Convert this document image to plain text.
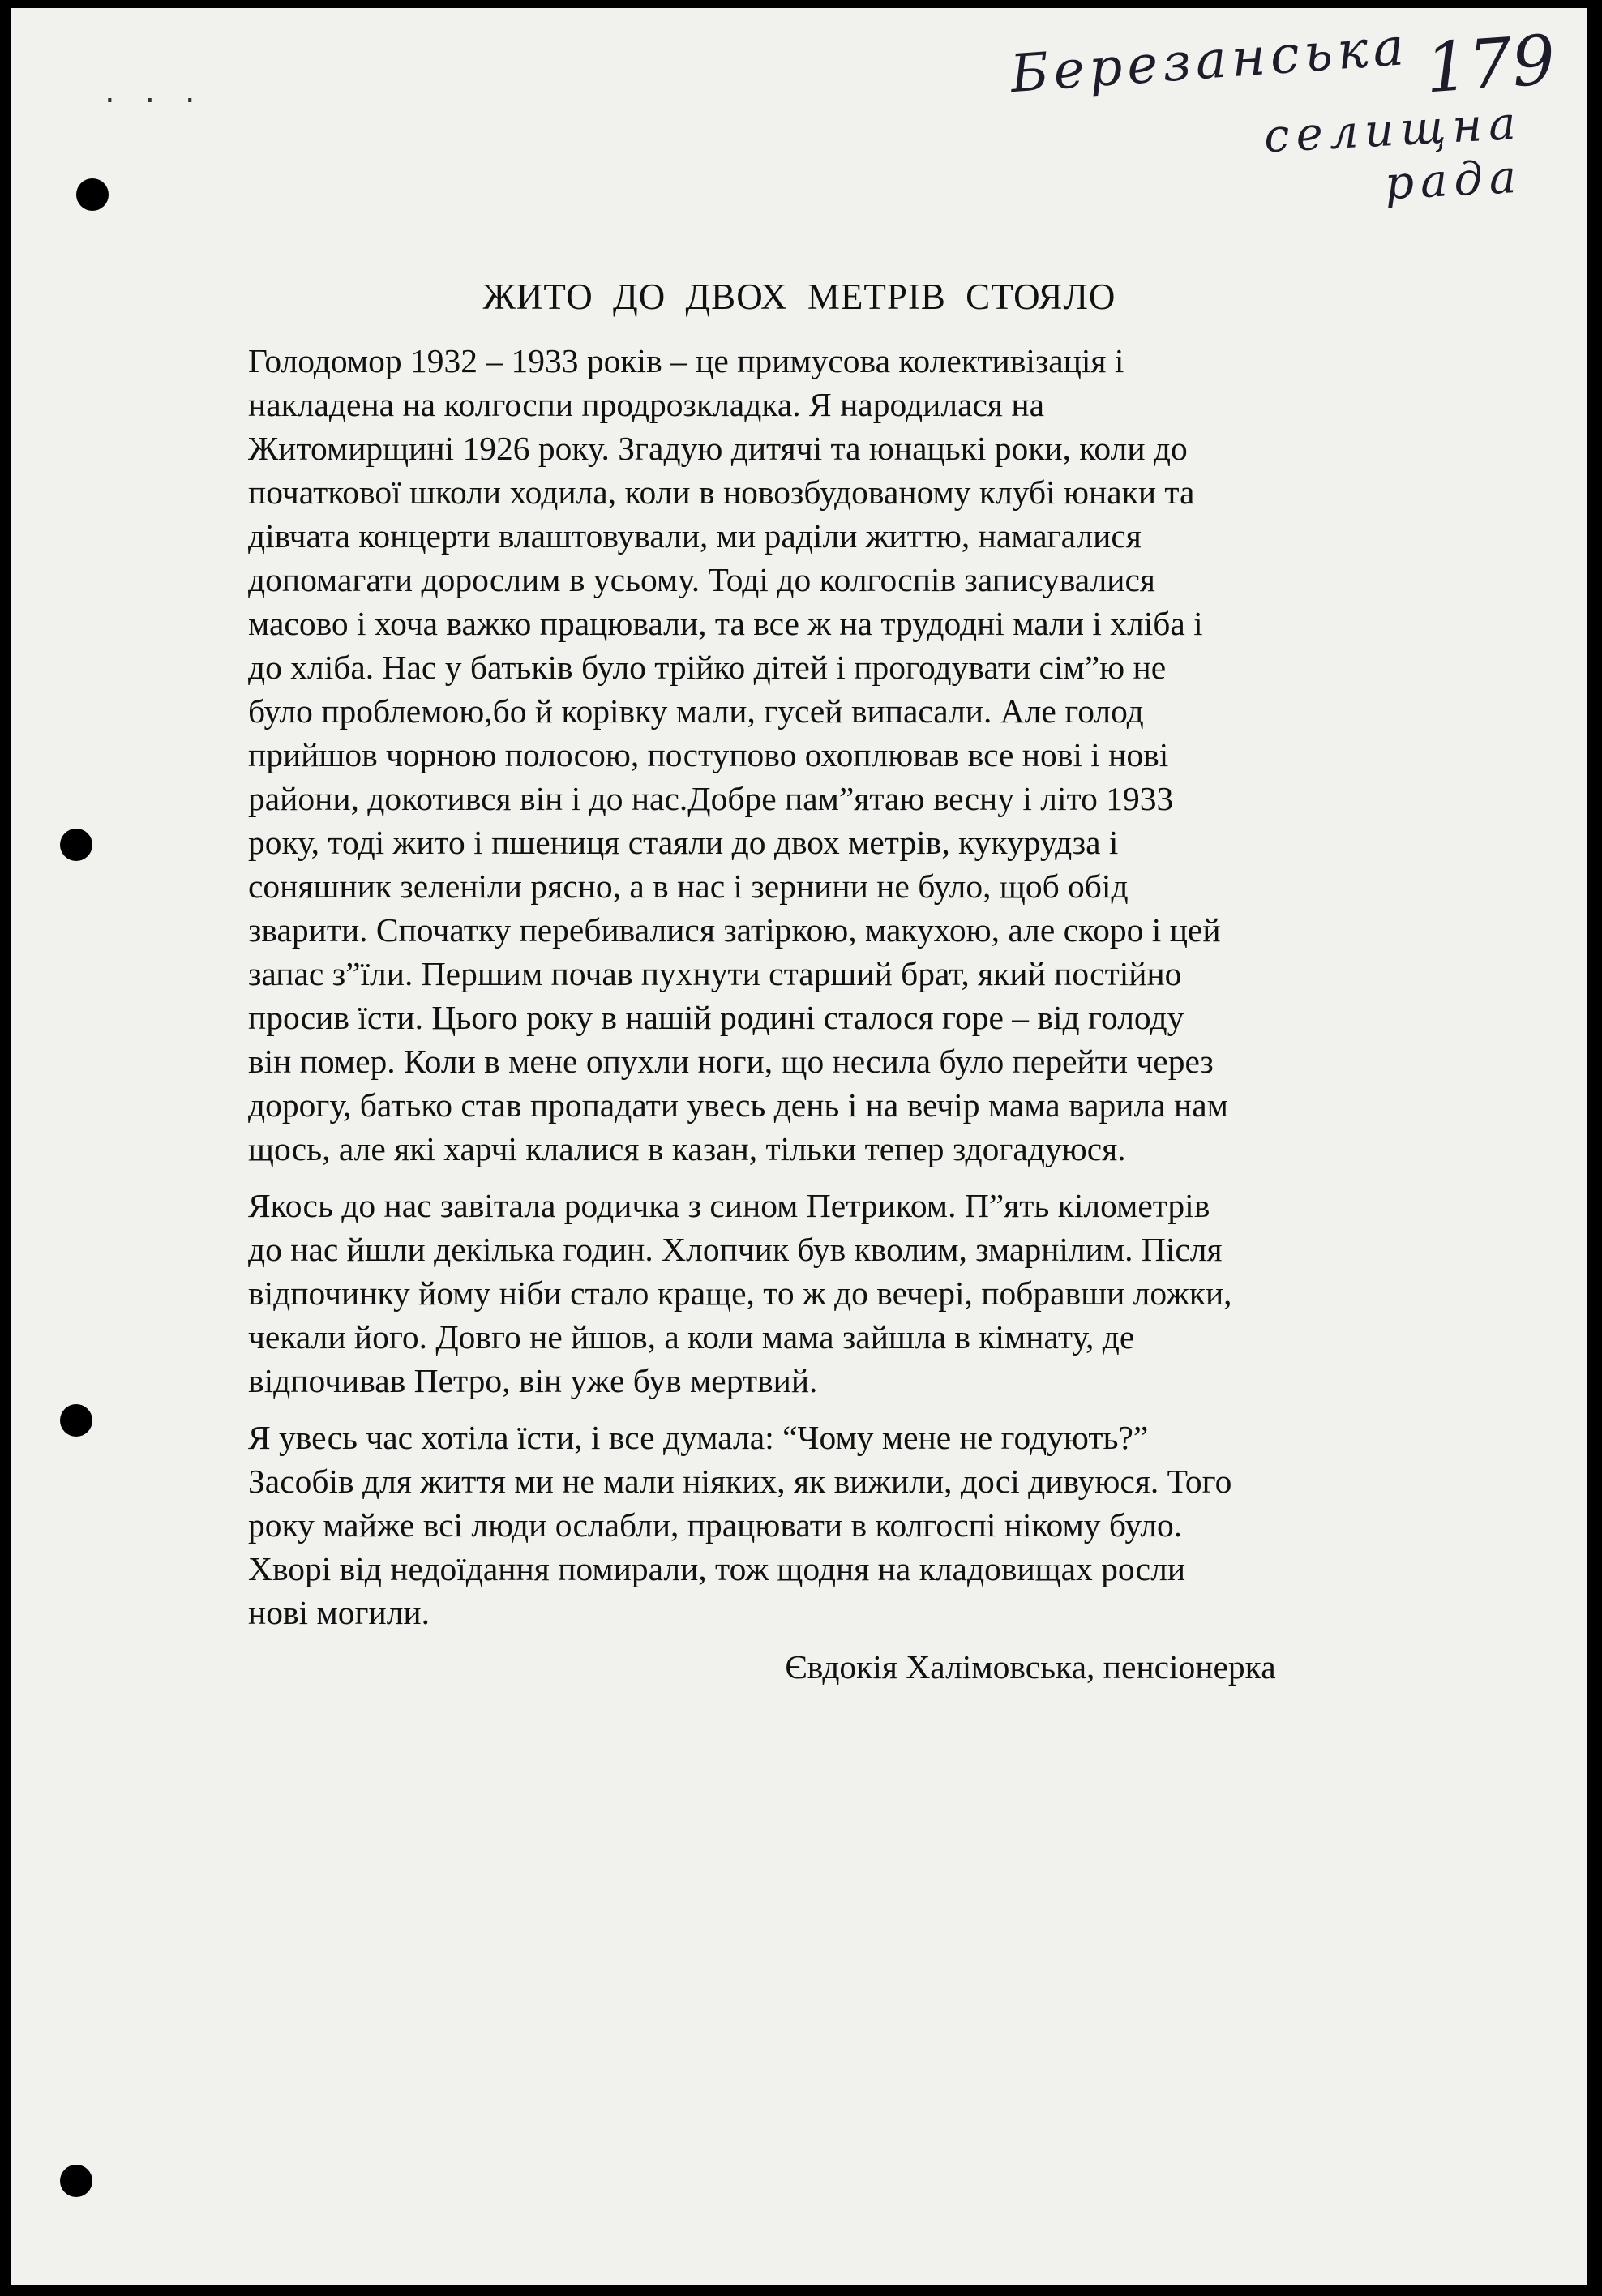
. . .	Березанська 179
селищна
рада
ЖИТО ДО ДВОХ МЕТРІВ СТОЯЛО

Голодомор 1932 – 1933 років – це примусова колективізація і
накладена на колгоспи продрозкладка. Я народилася на
Житомирщині 1926 року. Згадую дитячі та юнацькі роки, коли до
початкової школи ходила, коли в новозбудованому клубі юнаки та
дівчата концерти влаштовували, ми раділи життю, намагалися
допомагати дорослим в усьому. Тоді до колгоспів записувалися
масово і хоча важко працювали, та все ж на трудодні мали і хліба і
до хліба. Нас у батьків було трійко дітей і прогодувати сім”ю не
було проблемою,бо й корівку мали, гусей випасали. Але голод
прийшов чорною полосою, поступово охоплював все нові і нові
райони, докотився він і до нас.Добре пам”ятаю весну і літо 1933
року, тоді жито і пшениця стаяли до двох метрів, кукурудза і
соняшник зеленіли рясно, а в нас і зернини не було, щоб обід
зварити. Спочатку перебивалися затіркою, макухою, але скоро і цей
запас з”їли. Першим почав пухнути старший брат, який постійно
просив їсти. Цього року в нашій родині сталося горе – від голоду
він помер. Коли в мене опухли ноги, що несила було перейти через
дорогу, батько став пропадати увесь день і на вечір мама варила нам
щось, але які харчі клалися в казан, тільки тепер здогадуюся.

Якось до нас завітала родичка з сином Петриком. П”ять кілометрів
до нас йшли декілька годин. Хлопчик був кволим, змарнілим. Після
відпочинку йому ніби стало краще, то ж до вечері, побравши ложки,
чекали його. Довго не йшов, а коли мама зайшла в кімнату, де
відпочивав Петро, він уже був мертвий.

Я увесь час хотіла їсти, і все думала: “Чому мене не годують?”
Засобів для життя ми не мали ніяких, як вижили, досі дивуюся. Того
року майже всі люди ослабли, працювати в колгоспі нікому було.
Хворі від недоїдання помирали, тож щодня на кладовищах росли
нові могили.

Євдокія Халімовська, пенсіонерка
